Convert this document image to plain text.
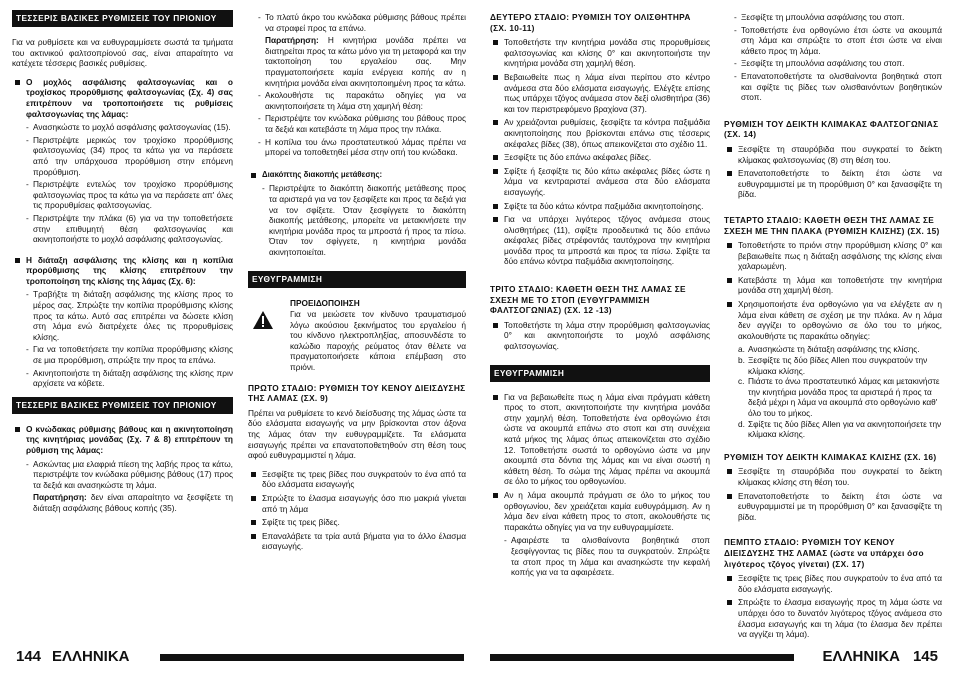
ΤΕΣΣΕΡΙΣ ΒΑΣΙΚΕΣ ΡΥΘΜΙΣΕΙΣ ΤΟΥ ΠΡΙΟΝΙΟΥ
Για να ρυθμίσετε και να ευθυγραμμίσετε σωστά τα τμήματα του ακτινικού φαλτσοπρίονού σας, είναι απαραίτητο να κατέχετε τέσσερις βασικές ρυθμίσεις.
Ο μοχλός ασφάλισης φαλτσογωνίας και ο τροχίσκος προρύθμισης φαλτσογωνίας (Σχ. 4) σας επιτρέπουν να τροποποιήσετε τις ρυθμίσεις φαλτσογωνίας της λάμας:
- Ανασηκώστε το μοχλό ασφάλισης φαλτσογωνίας (15).
- Περιστρέψτε μερικώς τον τροχίσκο προρύθμισης φαλτσογωνίας (34) προς τα κάτω για να περάσετε από την υπάρχουσα προρύθμιση στην επόμενη προρύθμιση.
- Περιστρέψτε εντελώς τον τροχίσκο προρύθμισης φαλτσογωνίας προς τα κάτω για να περάσετε απ' όλες τις προρυθμίσεις φαλτσογωνίας.
- Περιστρέψτε την πλάκα (6) για να την τοποθετήσετε στην επιθυμητή θέση φαλτσογωνίας και ακινητοποιήστε το μοχλό ασφάλισης φαλτσογωνίας.
Η διάταξη ασφάλισης της κλίσης και η κοπίλια προρύθμισης της κλίσης επιτρέπουν την τροποποίηση της κλίσης της λάμας (Σχ. 6):
- Τραβήξτε τη διάταξη ασφάλισης της κλίσης προς το μέρος σας. Σπρώξτε την κοπίλια προρύθμισης κλίσης προς τα κάτω. Αυτό σας επιτρέπει να δώσετε κλίση στη λάμα ενώ διατρέχετε όλες τις προρυθμίσεις κλίσης.
- Για να τοποθετήσετε την κοπίλια προρύθμισης κλίσης σε μια προρύθμιση, σπρώξτε την προς τα επάνω.
- Ακινητοποιήστε τη διάταξη ασφάλισης της κλίσης πριν αρχίσετε να κόβετε.
ΤΕΣΣΕΡΙΣ ΒΑΣΙΚΕΣ ΡΥΘΜΙΣΕΙΣ ΤΟΥ ΠΡΙΟΝΙΟΥ
Ο κνώδακας ρύθμισης βάθους και η ακινητοποίηση της κινητήριας μονάδας (Σχ. 7 & 8) επιτρέπουν τη ρύθμιση της λάμας:
- Ασκώντας μια ελαφριά πίεση της λαβής προς τα κάτω, περιστρέψτε τον κνώδακα ρύθμισης βάθους (17) προς τα δεξιά και ανασηκώστε τη λάμα.
Παρατήρηση: δεν είναι απαραίτητο να ξεσφίξετε τη διάταξη ασφάλισης βάθους κοπής (35).
- Το πλατύ άκρο του κνώδακα ρύθμισης βάθους πρέπει να στραφεί προς τα επάνω.
Παρατήρηση: Η κινητήρια μονάδα πρέπει να διατηρείται προς τα κάτω μόνο για τη μεταφορά και την τακτοποίηση του εργαλείου σας. Μην πραγματοποιήσετε καμία ενέργεια κοπής αν η κινητήρια μονάδα είναι ακινητοποιημένη προς τα κάτω.
- Ακολουθήστε τις παρακάτω οδηγίες για να ακινητοποιήσετε τη λάμα στη χαμηλή θέση:
- Περιστρέψτε τον κνώδακα ρύθμισης του βάθους προς τα δεξιά και κατεβάστε τη λάμα προς την πλάκα.
- Η κοπίλια του άνω προστατευτικού λάμας πρέπει να μπορεί να τοποθετηθεί μέσα στην οπή του κνώδακα.
Διακόπτης διακοπής μετάθεσης:
- Περιστρέψτε το διακόπτη διακοπής μετάθεσης προς τα αριστερά για να τον ξεσφίξετε και προς τα δεξιά για να τον σφίξετε. Όταν ξεσφίγγετε το διακόπτη διακοπής μετάθεσης, μπορείτε να μετακινήσετε την κινητήρια μονάδα προς τα μπροστά ή προς τα πίσω. Όταν τον σφίγγετε, η κινητήρια μονάδα ακινητοποιείται.
ΕΥΘΥΓΡΑΜΜΙΣΗ
ΠΡΟΕΙΔΟΠΟΙΗΣΗ
Για να μειώσετε τον κίνδυνο τραυματισμού λόγω ακούσιου ξεκινήματος του εργαλείου ή του κίνδυνο ηλεκτροπληξίας, αποσυνδέστε το καλώδιο παροχής ρεύματος όταν θέλετε να πραγματοποιήσετε κάποια επέμβαση στο πριόνι.
ΠΡΩΤΟ ΣΤΑΔΙΟ: ΡΥΘΜΙΣΗ ΤΟΥ ΚΕΝΟΥ ΔΙΕΙΣΔΥΣΗΣ ΤΗΣ ΛΑΜΑΣ (ΣΧ. 9)
Πρέπει να ρυθμίσετε το κενό διείσδυσης της λάμας ώστε τα δύο ελάσματα εισαγωγής να μην βρίσκονται στον άξονα της λάμας όταν την ευθυγραμμίζετε. Τα ελάσματα εισαγωγής πρέπει να επανατοποθετηθούν στη θέση τους αφού ευθυγραμμιστεί η λάμα.
Ξεσφίξτε τις τρεις βίδες που συγκρατούν το ένα από τα δύο ελάσματα εισαγωγής
Σπρώξτε το έλασμα εισαγωγής όσο πιο μακριά γίνεται από τη λάμα
Σφίξτε τις τρεις βίδες.
Επαναλάβετε τα τρία αυτά βήματα για το άλλο έλασμα εισαγωγής.
ΔΕΥΤΕΡΟ ΣΤΑΔΙΟ: ΡΥΘΜΙΣΗ ΤΟΥ ΟΛΙΣΘΗΤΗΡΑ (ΣΧ. 10-11)
Τοποθετήστε την κινητήρια μονάδα στις προρυθμίσεις φαλτσογωνίας και κλίσης 0° και ακινητοποιήστε την κινητήρια μονάδα στη χαμηλή θέση.
Βεβαιωθείτε πως η λάμα είναι περίπου στο κέντρο ανάμεσα στα δύο ελάσματα εισαγωγής. Ελέγξτε επίσης πως υπάρχει τζόγος ανάμεσα στον δεξί ολισθητήρα (36) και τον περιστρεφόμενο βραχίονα (37).
Αν χρειάζονται ρυθμίσεις, ξεσφίξτε τα κόντρα παξιμάδια ακινητοποίησης που βρίσκονται επάνω στις τέσσερις ακέφαλες βίδες (38), όπως απεικονίζεται στο σχέδιο 11.
Ξεσφίξτε τις δύο επάνω ακέφαλες βίδες.
Σφίξτε ή ξεσφίξτε τις δύο κάτω ακέφαλες βίδες ώστε η λάμα να κεντραριστεί ανάμεσα στα δύο ελάσματα εισαγωγής.
Σφίξτε τα δύο κάτω κόντρα παξιμάδια ακινητοποίησης.
Για να υπάρχει λιγότερος τζόγος ανάμεσα στους ολισθητήρες (11), σφίξτε προοδευτικά τις δύο επάνω ακέφαλες βίδες στρέφοντάς ταυτόχρονα την κινητήρια μονάδα προς τα μπροστά και προς τα πίσω. Σφίξτε τα δύο επάνω κόντρα παξιμάδια ακινητοποίησης.
ΤΡΙΤΟ ΣΤΑΔΙΟ: ΚΑΘΕΤΗ ΘΕΣΗ ΤΗΣ ΛΑΜΑΣ ΣΕ ΣΧΕΣΗ ΜΕ ΤΟ ΣΤΟΠ (ΕΥΘΥΓΡΑΜΜΙΣΗ ΦΑΛΤΣΟΓΩΝΙΑΣ) (ΣΧ. 12 -13)
Τοποθετήστε τη λάμα στην προρύθμιση φαλτσογωνίας 0° και ακινητοποιήστε το μοχλό ασφάλισης φαλτσογωνίας.
ΕΥΘΥΓΡΑΜΜΙΣΗ
Για να βεβαιωθείτε πως η λάμα είναι πράγματι κάθετη προς το στοπ, ακινητοποιήστε την κινητήρια μονάδα στην χαμηλή θέση. Τοποθετήστε ένα ορθογώνιο έτσι ώστε να ακουμπά επάνω στο στοπ και στη συνέχεια κατά μήκος της λάμας όπως απεικονίζεται στο σχέδιο 12. Τοποθετήστε σωστά το ορθογώνιο ώστε να μην ακουμπά στα δόντια της λάμας και να είναι σωστή η κάθετη θέση. Το σώμα της λάμας πρέπει να ακουμπά σε όλο το μήκος του ορθογωνίου.
Αν η λάμα ακουμπά πράγματι σε όλο το μήκος του ορθογωνίου, δεν χρειάζεται καμία ευθυγράμμιση. Αν η λάμα δεν είναι κάθετη προς το στοπ, ακολουθήστε τις παρακάτω οδηγίες για να την ευθυγραμμίσετε.
- Αφαιρέστε τα ολισθαίνοντα βοηθητικά στοπ ξεσφίγγοντας τις βίδες που τα συγκρατούν. Σπρώξτε τα στοπ προς τη λάμα και ανασηκώστε την κεφαλή κοπής για να τα αφαιρέσετε.
- Ξεσφίξτε τη μπουλόνια ασφάλισης του στοπ.
- Τοποθετήστε ένα ορθογώνιο έτσι ώστε να ακουμπά στη λάμα και σπρώξτε το στοπ έτσι ώστε να είναι κάθετο προς τη λάμα.
- Ξεσφίξτε τη μπουλόνια ασφάλισης του στοπ.
- Επανατοποθετήστε τα ολισθαίνοντα βοηθητικά στοπ και σφίξτε τις βίδες των ολισθαινόντων βοηθητικών στοπ.
ΡΥΘΜΙΣΗ ΤΟΥ ΔΕΙΚΤΗ ΚΛΙΜΑΚΑΣ ΦΑΛΤΣΟΓΩΝΙΑΣ (ΣΧ. 14)
Ξεσφίξτε τη σταυρόβιδα που συγκρατεί το δείκτη κλίμακας φαλτσογωνίας (8) στη θέση του.
Επανατοποθετήστε το δείκτη έτσι ώστε να ευθυγραμμιστεί με τη προρύθμιση 0° και ξανασφίξτε τη βίδα.
ΤΕΤΑΡΤΟ ΣΤΑΔΙΟ: ΚΑΘΕΤΗ ΘΕΣΗ ΤΗΣ ΛΑΜΑΣ ΣΕ ΣΧΕΣΗ ΜΕ ΤΗΝ ΠΛΑΚΑ (ΡΥΘΜΙΣΗ ΚΛΙΣΗΣ) (ΣΧ. 15)
Τοποθετήστε το πριόνι στην προρύθμιση κλίσης 0° και βεβαιωθείτε πως η διάταξη ασφάλισης της κλίσης είναι χαλαρωμένη.
Κατεβάστε τη λάμα και τοποθετήστε την κινητήρια μονάδα στη χαμηλή θέση.
Χρησιμοποιήστε ένα ορθογώνιο για να ελέγξετε αν η λάμα είναι κάθετη σε σχέση με την πλάκα. Αν η λάμα δεν αγγίζει το ορθογώνιο σε όλο του το μήκος, ακολουθήστε τις παρακάτω οδηγίες:
a. Ανασηκώστε τη διάταξη ασφάλισης της κλίσης.
b. Ξεσφίξτε τις δύο βίδες Allen που συγκρατούν την κλίμακα κλίσης.
c. Πιάστε το άνω προστατευτικό λάμας και μετακινήστε την κινητήρια μονάδα προς τα αριστερά ή προς τα δεξιά μέχρι η λάμα να ακουμπά στο ορθογώνιο καθ' όλο του το μήκος.
d. Σφίξτε τις δύο βίδες Allen για να ακινητοποιήσετε την κλίμακα κλίσης.
ΡΥΘΜΙΣΗ ΤΟΥ ΔΕΙΚΤΗ ΚΛΙΜΑΚΑΣ ΚΛΙΣΗΣ (ΣΧ. 16)
Ξεσφίξτε τη σταυρόβιδα που συγκρατεί το δείκτη κλίμακας κλίσης στη θέση του.
Επανατοποθετήστε το δείκτη έτσι ώστε να ευθυγραμμιστεί με τη προρύθμιση 0° και ξανασφίξτε τη βίδα.
ΠΕΜΠΤΟ ΣΤΑΔΙΟ: ΡΥΘΜΙΣΗ ΤΟΥ ΚΕΝΟΥ ΔΙΕΙΣΔΥΣΗΣ ΤΗΣ ΛΑΜΑΣ (ώστε να υπάρχει όσο λιγότερος τζόγος γίνεται) (ΣΧ. 17)
Ξεσφίξτε τις τρεις βίδες που συγκρατούν το ένα από τα δύο ελάσματα εισαγωγής.
Σπρώξτε το έλασμα εισαγωγής προς τη λάμα ώστε να υπάρχει όσο το δυνατόν λιγότερος τζόγος ανάμεσα στο έλασμα εισαγωγής και τη λάμα (το έλασμα δεν πρέπει να αγγίζει τη λάμα).
144 ΕΛΛΗΝΙΚΑ	ΕΛΛΗΝΙΚΑ 145
